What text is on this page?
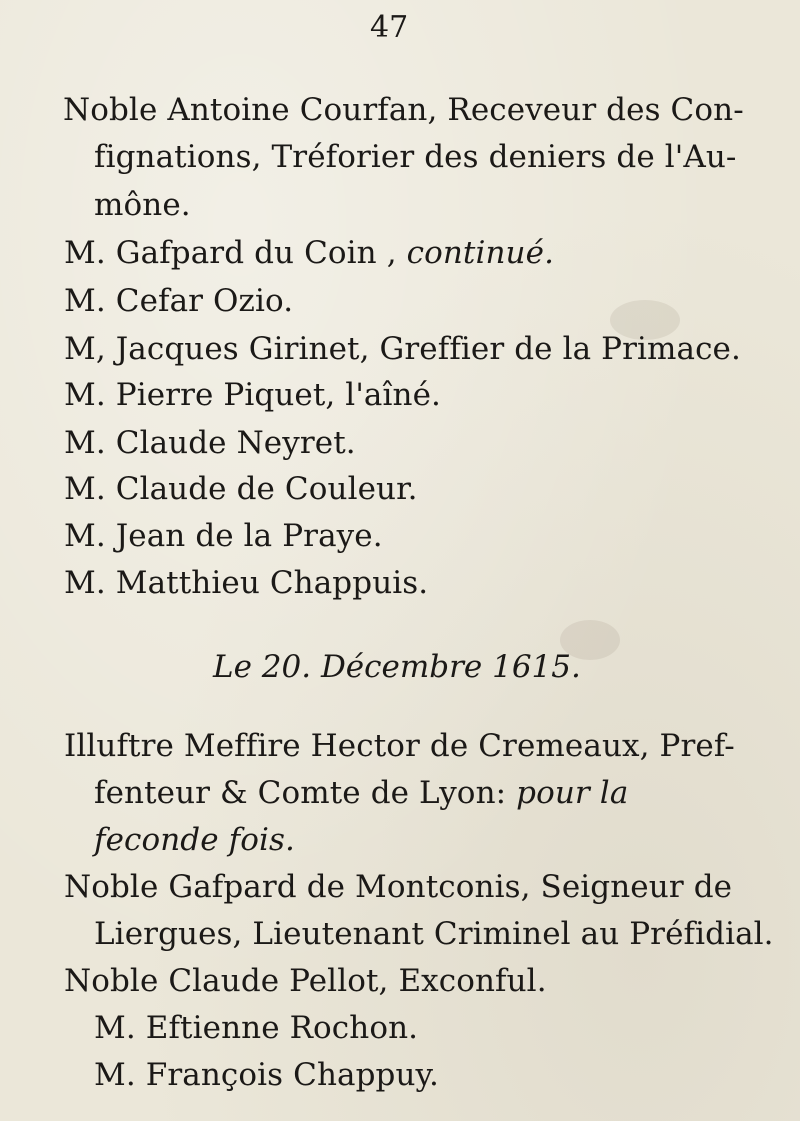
47
Noble Antoine Courfan, Receveur des Con-
fignations, Tréforier des deniers de l'Au-
mône.
M. Gafpard du Coin , continué.
M. Cefar Ozio.
M, Jacques Girinet, Greffier de la Primace.
M. Pierre Piquet, l'aîné.
M. Claude Neyret.
M. Claude de Couleur.
M. Jean de la Praye.
M. Matthieu Chappuis.
Le 20. Décembre 1615.
Illuftre Meffire Hector de Cremeaux, Pref-
fenteur & Comte de Lyon: pour la
feconde fois.
Noble Gafpard de Montconis, Seigneur de
Liergues, Lieutenant Criminel au Préfidial.
Noble Claude Pellot, Exconful.
M. Eftienne Rochon.
M. François Chappuy.
